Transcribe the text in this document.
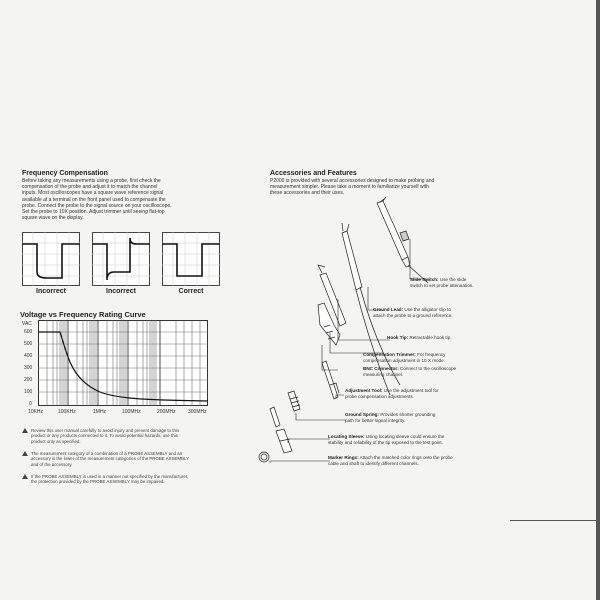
Frequency Compensation
Before taking any measurements using a probe, first check the
compensation of the probe and adjust it to match the channel
inputs. Most oscilloscopes have a square wave reference signal
available at a terminal on the front panel used to compensate the
probe. Connect the probe to the signal source on your oscilloscope.
Set the probe to 10X position. Adjust trimmer until seeing flat-top
square wave on the display.
Incorrect	Incorrect	Correct
Voltage vs Frequency Rating Curve
VAC
600
500
400
300
200
100
0
10KHz	100KHz	1MHz	100MHz	200MHz 300MHz
Review this user manual carefully to avoid injury and prevent damage to this
product or any products connected to it. To avoid potential hazards, use this
product only as specified.
The measurement category of a combination of a PROBE ASSEMBLY and an
accessory is the lower of the measurement categories of the PROBE ASSEMBLY
and of the accessory.
If the PROBE ASSEMBLY is used in a manner not specified by the manufacturer,
the protection provided by the PROBE ASSEMBLY may be impaired.
Accessories and Features
P2000 is provided with several accessories designed to make probing and
measurement simpler. Please take a moment to familiarize yourself with
these accessories and their uses.
Slide Switch: Use the slide
switch to set probe attenuation.
Ground Lead: Use the alligator clip to
attach the probe to a ground reference.
Hook Tip: Retractable hook tip.
Compensation Trimmer: For frequency
compensation adjustment in 10 X mode.
BNC Connector: Connect to the oscilloscope
measuring channel.
Adjustment Tool: Use the adjustment tool for
probe compensation adjustments.
Ground Spring: Provides shorter grounding
path for better signal integrity.
Locating Sleeve: Using locating sleeve could ensure the
stability and reliability of the tip exposed to the test point.
Marker Rings: Attach the matched color rings onto the probe
cable and shaft to identify different channels.
